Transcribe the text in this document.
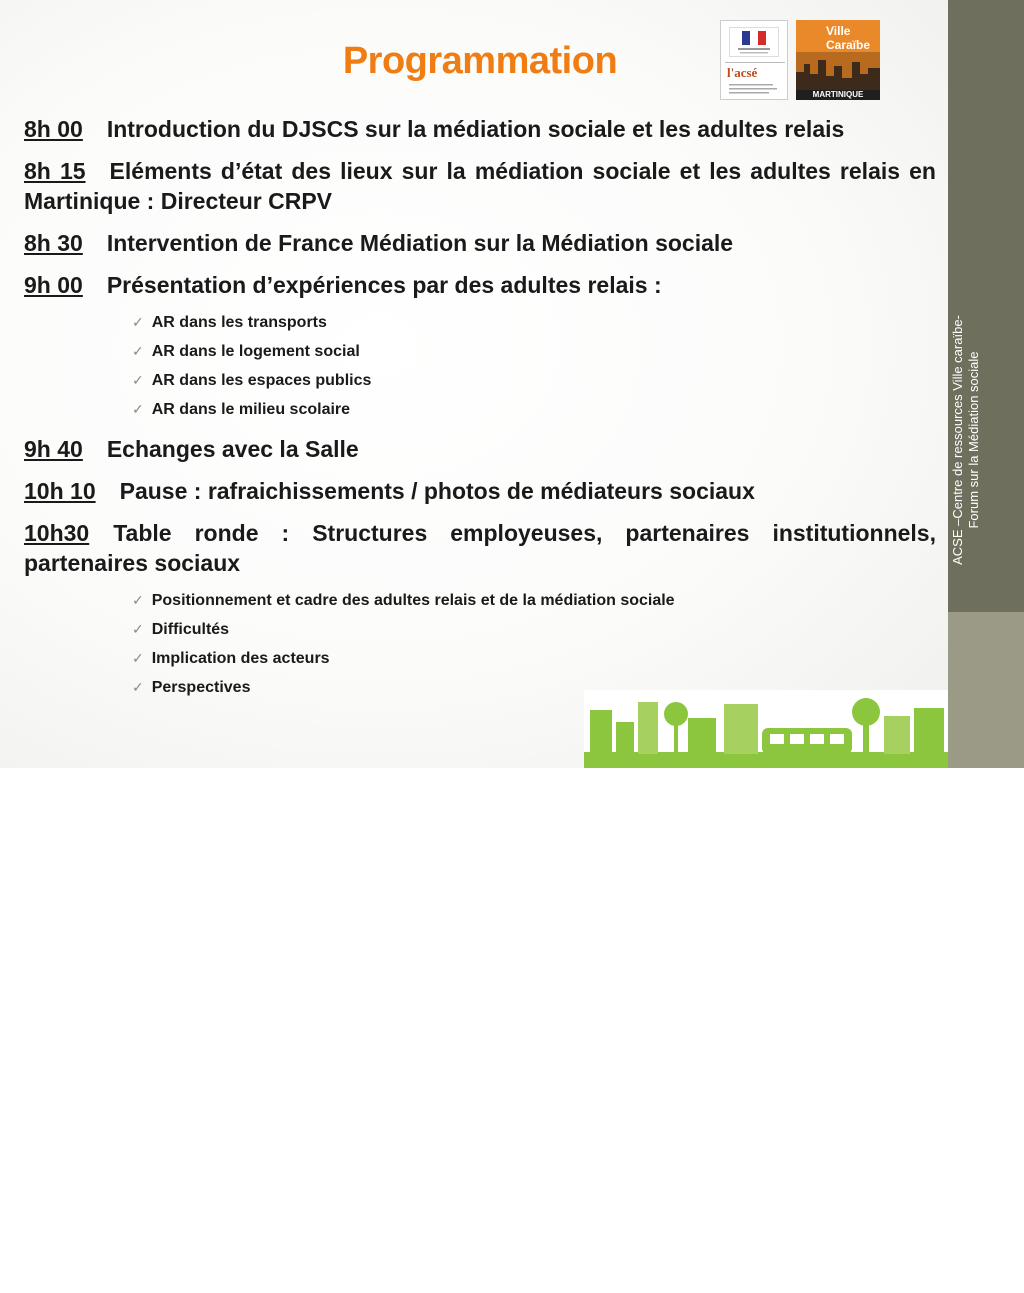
Programmation	l'acsé
Ville
Caraïbe
MARTINIQUE
8h 00 Introduction du DJSCS sur la médiation sociale et les adultes relais
8h 15 Eléments d’état des lieux sur la médiation sociale et les adultes relais en Martinique : Directeur CRPV
8h 30 Intervention de France Médiation sur la Médiation sociale
9h 00 Présentation d’expériences par des adultes relais :
✓ AR dans les transports
✓ AR dans le logement social
✓ AR dans les espaces publics
✓ AR dans le milieu scolaire
9h 40 Echanges avec la Salle
10h 10 Pause : rafraichissements / photos de médiateurs sociaux
10h30 Table ronde : Structures employeuses, partenaires institutionnels, partenaires sociaux
✓ Positionnement et cadre des adultes relais et de la médiation sociale
✓ Difficultés
✓ Implication des acteurs
✓ Perspectives
ACSE –Centre de ressources Ville caraïbe- Forum sur la Médiation sociale
2
